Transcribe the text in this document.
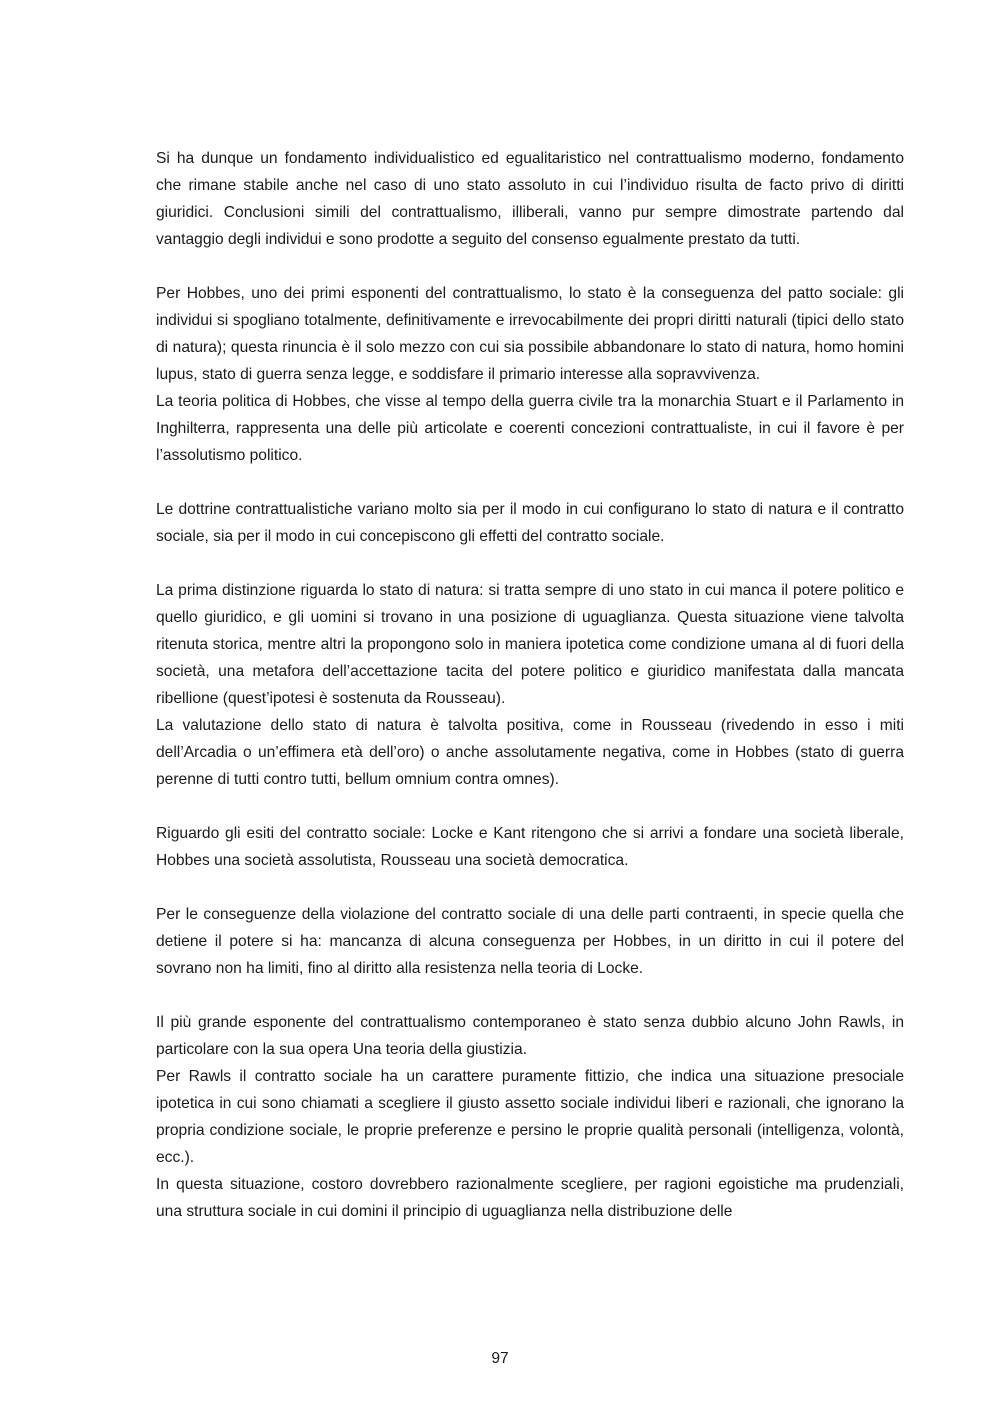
Si ha dunque un fondamento individualistico ed egualitaristico nel contrattualismo moderno, fondamento che rimane stabile anche nel caso di uno stato assoluto in cui l’individuo risulta de facto privo di diritti giuridici. Conclusioni simili del contrattualismo, illiberali, vanno pur sempre dimostrate partendo dal vantaggio degli individui e sono prodotte a seguito del consenso egualmente prestato da tutti.

Per Hobbes, uno dei primi esponenti del contrattualismo, lo stato è la conseguenza del patto sociale: gli individui si spogliano totalmente, definitivamente e irrevocabilmente dei propri diritti naturali (tipici dello stato di natura); questa rinuncia è il solo mezzo con cui sia possibile abbandonare lo stato di natura, homo homini lupus, stato di guerra senza legge, e soddisfare il primario interesse alla sopravvivenza.

La teoria politica di Hobbes, che visse al tempo della guerra civile tra la monarchia Stuart e il Parlamento in Inghilterra, rappresenta una delle più articolate e coerenti concezioni contrattualiste, in cui il favore è per l’assolutismo politico.

Le dottrine contrattualistiche variano molto sia per il modo in cui configurano lo stato di natura e il contratto sociale, sia per il modo in cui concepiscono gli effetti del contratto sociale.

La prima distinzione riguarda lo stato di natura: si tratta sempre di uno stato in cui manca il potere politico e quello giuridico, e gli uomini si trovano in una posizione di uguaglianza. Questa situazione viene talvolta ritenuta storica, mentre altri la propongono solo in maniera ipotetica come condizione umana al di fuori della società, una metafora dell’accettazione tacita del potere politico e giuridico manifestata dalla mancata ribellione (quest’ipotesi è sostenuta da Rousseau).

La valutazione dello stato di natura è talvolta positiva, come in Rousseau (rivedendo in esso i miti dell’Arcadia o un’effimera età dell’oro) o anche assolutamente negativa, come in Hobbes (stato di guerra perenne di tutti contro tutti, bellum omnium contra omnes).

Riguardo gli esiti del contratto sociale: Locke e Kant ritengono che si arrivi a fondare una società liberale, Hobbes una società assolutista, Rousseau una società democratica.

Per le conseguenze della violazione del contratto sociale di una delle parti contraenti, in specie quella che detiene il potere si ha: mancanza di alcuna conseguenza per Hobbes, in un diritto in cui il potere del sovrano non ha limiti, fino al diritto alla resistenza nella teoria di Locke.

Il più grande esponente del contrattualismo contemporaneo è stato senza dubbio alcuno John Rawls, in particolare con la sua opera Una teoria della giustizia.

Per Rawls il contratto sociale ha un carattere puramente fittizio, che indica una situazione presociale ipotetica in cui sono chiamati a scegliere il giusto assetto sociale individui liberi e razionali, che ignorano la propria condizione sociale, le proprie preferenze e persino le proprie qualità personali (intelligenza, volontà, ecc.).

In questa situazione, costoro dovrebbero razionalmente scegliere, per ragioni egoistiche ma prudenziali, una struttura sociale in cui domini il principio di uguaglianza nella distribuzione delle

97
